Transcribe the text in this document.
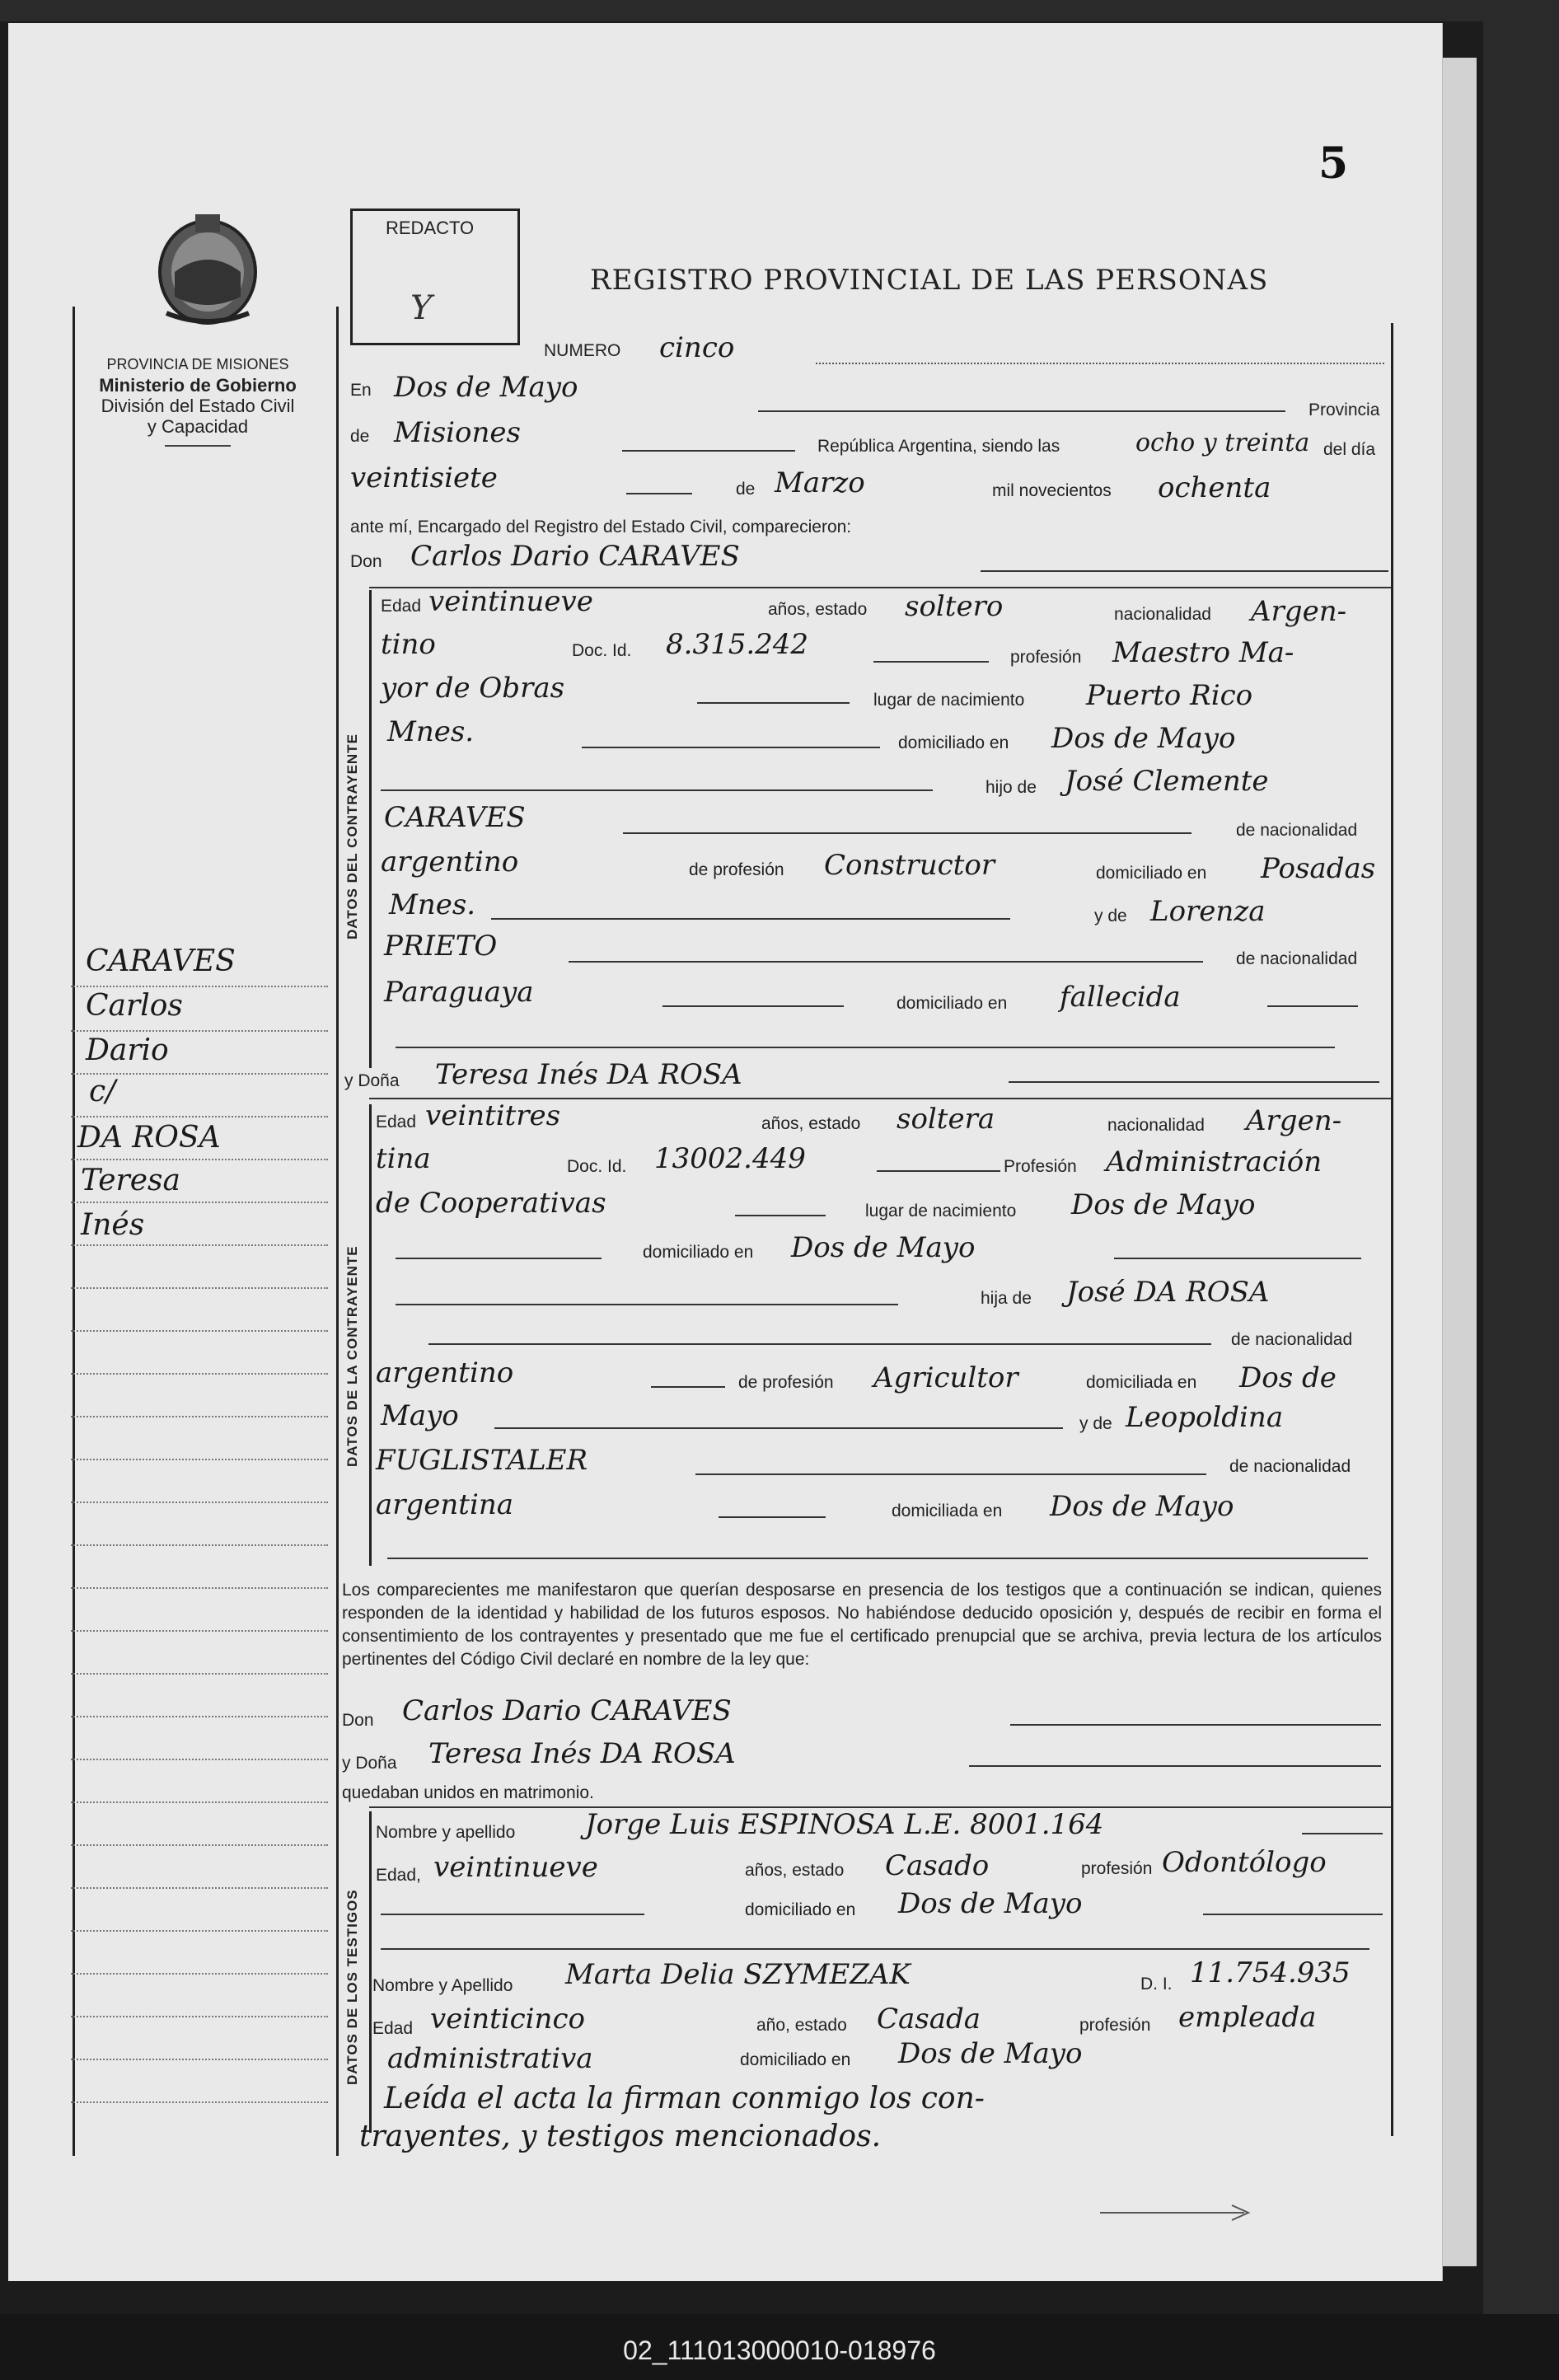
5
PROVINCIA DE MISIONES
Ministerio de Gobierno
División del Estado Civil
y Capacidad
REDACTO
Y
REGISTRO PROVINCIAL DE LAS PERSONAS
NUMERO cinco
En Dos de Mayo
Provincia
de Misiones	República Argentina, siendo las	ocho y treinta del día
veintisiete	de Marzo	mil novecientos ochenta
ante mí, Encargado del Registro del Estado Civil, comparecieron:
Don Carlos Dario CARAVES
DATOS DEL CONTRAYENTE
Edad veintinueve	años, estado soltero	nacionalidad Argen-
tino	Doc. Id. 8.315.242	profesión Maestro Ma-
yor de Obras	lugar de nacimiento Puerto Rico
Mnes.	domiciliado en Dos de Mayo
hijo de José Clemente
CARAVES	de nacionalidad
argentino	de profesión Constructor	domiciliado en Posadas
Mnes.	y de Lorenza
PRIETO	de nacionalidad
Paraguaya	domiciliado en fallecida
y Doña Teresa Inés DA ROSA
DATOS DE LA CONTRAYENTE
Edad veintitres	años, estado soltera	nacionalidad Argen-
tina	Doc. Id. 13002.449	Profesión Administración
de Cooperativas	lugar de nacimiento Dos de Mayo
domiciliado en Dos de Mayo
hija de José DA ROSA
de nacionalidad
argentino	de profesión Agricultor	domiciliada en Dos de
Mayo	y de Leopoldina
FUGLISTALER	de nacionalidad
argentina	domiciliada en Dos de Mayo
Los comparecientes me manifestaron que querían desposarse en presencia de los testigos que a continuación se indican, quienes responden de la identidad y habilidad de los futuros esposos. No habiéndose deducido oposición y, después de recibir en forma el consentimiento de los contrayentes y presentado que me fue el certificado prenupcial que se archiva, previa lectura de los artículos pertinentes del Código Civil declaré en nombre de la ley que:
Don Carlos Dario CARAVES
y Doña Teresa Inés DA ROSA
quedaban unidos en matrimonio.
DATOS DE LOS TESTIGOS
Nombre y apellido Jorge Luis ESPINOSA L.E. 8001.164
Edad, veintinueve	años, estado Casado	profesión Odontólogo
domiciliado en Dos de Mayo
Nombre y Apellido Marta Delia SZYMEZAK	D. I. 11.754.935
Edad veinticinco	año, estado Casada	profesión empleada
administrativa	domiciliado en Dos de Mayo
Leída el acta la firman conmigo los con-
trayentes, y testigos mencionados.
CARAVES
Carlos
Dario
c/
DA ROSA
Teresa
Inés
02_111013000010-018976
